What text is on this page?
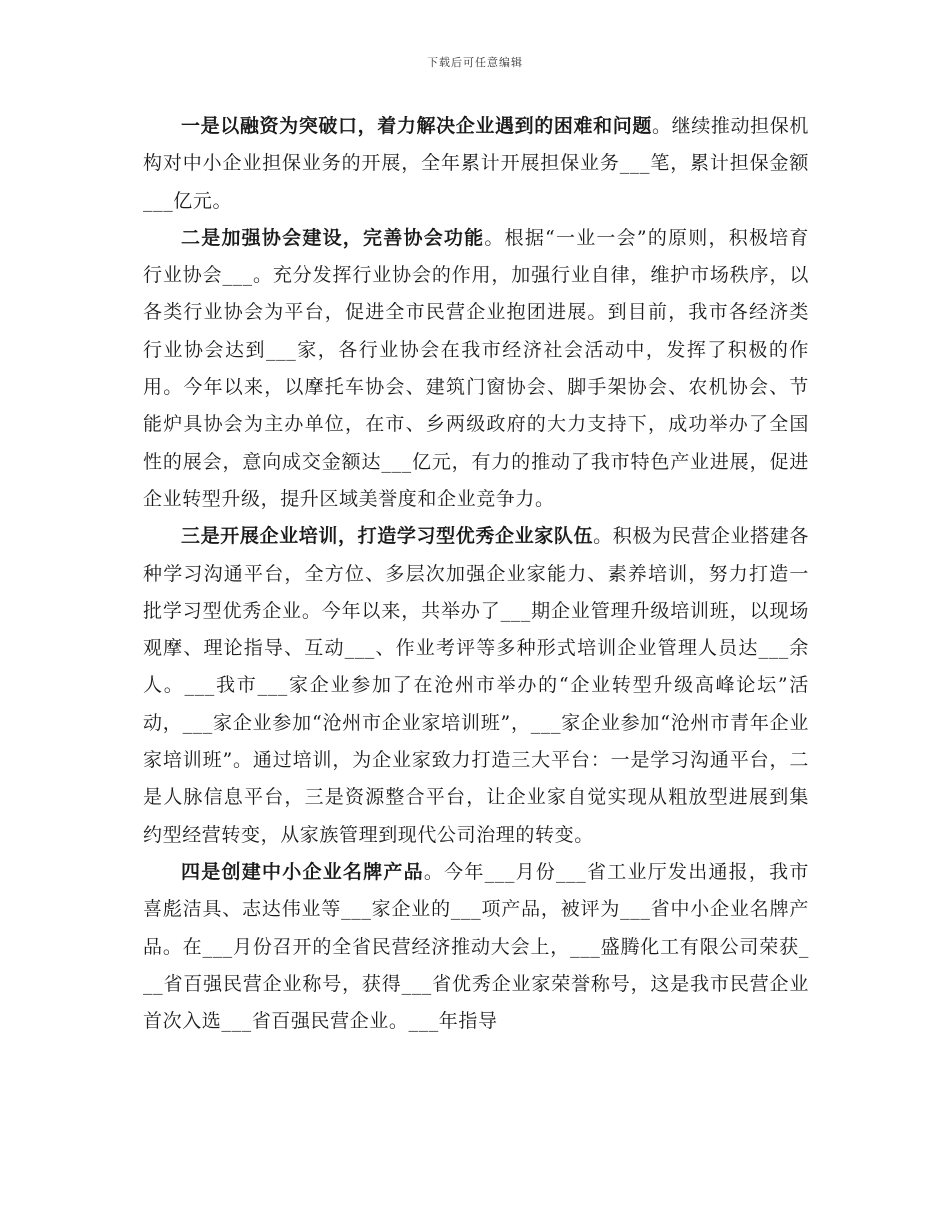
下载后可任意编辑

一是以融资为突破口，着力解决企业遇到的困难和问题。继续推动担保机构对中小企业担保业务的开展，全年累计开展担保业务___笔，累计担保金额___亿元。

二是加强协会建设，完善协会功能。根据“一业一会”的原则，积极培育行业协会___。充分发挥行业协会的作用，加强行业自律，维护市场秩序，以各类行业协会为平台，促进全市民营企业抱团进展。到目前，我市各经济类行业协会达到___家，各行业协会在我市经济社会活动中，发挥了积极的作用。今年以来，以摩托车协会、建筑门窗协会、脚手架协会、农机协会、节能炉具协会为主办单位，在市、乡两级政府的大力支持下，成功举办了全国性的展会，意向成交金额达___亿元，有力的推动了我市特色产业进展，促进企业转型升级，提升区域美誉度和企业竞争力。

三是开展企业培训，打造学习型优秀企业家队伍。积极为民营企业搭建各种学习沟通平台，全方位、多层次加强企业家能力、素养培训，努力打造一批学习型优秀企业。今年以来，共举办了___期企业管理升级培训班，以现场观摩、理论指导、互动___、作业考评等多种形式培训企业管理人员达___余人。___我市___家企业参加了在沧州市举办的“企业转型升级高峰论坛”活动，___家企业参加“沧州市企业家培训班”，___家企业参加“沧州市青年企业家培训班”。通过培训，为企业家致力打造三大平台：一是学习沟通平台，二是人脉信息平台，三是资源整合平台，让企业家自觉实现从粗放型进展到集约型经营转变，从家族管理到现代公司治理的转变。

四是创建中小企业名牌产品。今年___月份___省工业厅发出通报，我市喜彪洁具、志达伟业等___家企业的___项产品，被评为___省中小企业名牌产品。在___月份召开的全省民营经济推动大会上，___盛腾化工有限公司荣获___省百强民营企业称号，获得___省优秀企业家荣誉称号，这是我市民营企业首次入选___省百强民营企业。___年指导
